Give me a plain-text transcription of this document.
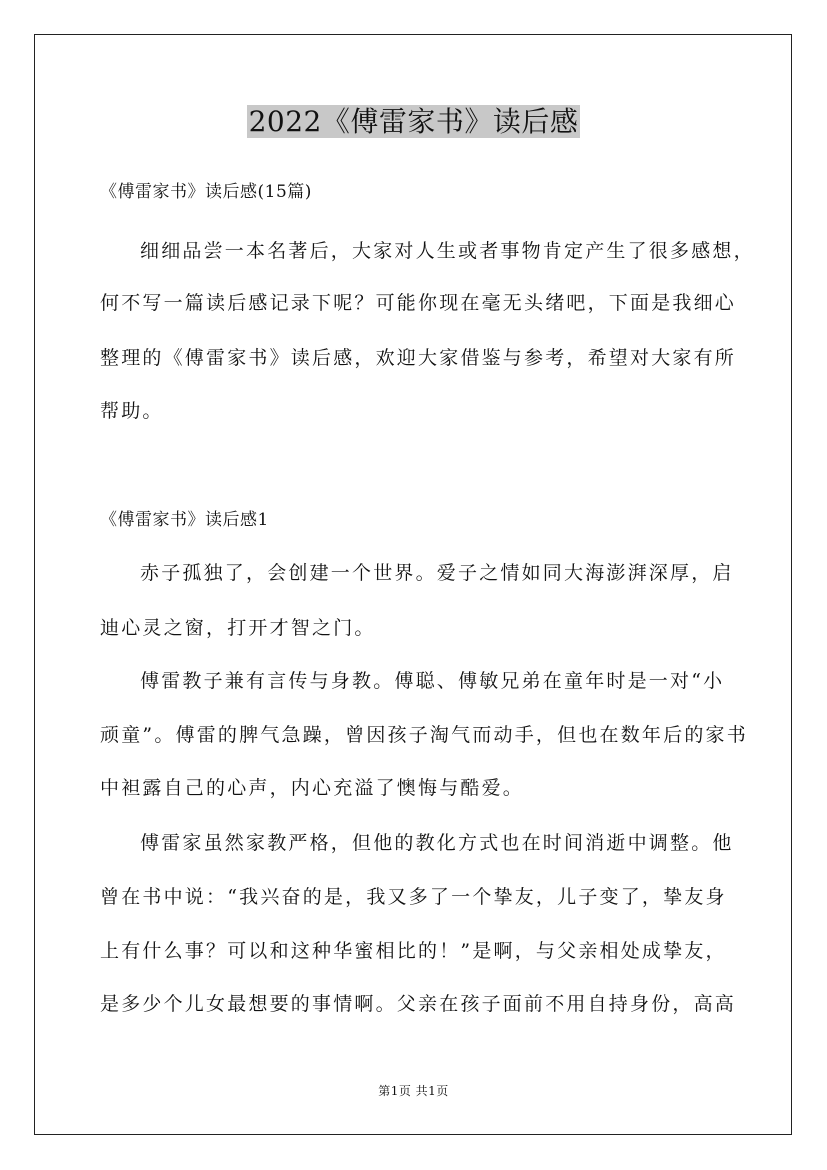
2022《傅雷家书》读后感
《傅雷家书》读后感(15篇)
细细品尝一本名著后，大家对人生或者事物肯定产生了很多感想，
何不写一篇读后感记录下呢？可能你现在毫无头绪吧，下面是我细心
整理的《傅雷家书》读后感，欢迎大家借鉴与参考，希望对大家有所
帮助。
《傅雷家书》读后感1
赤子孤独了，会创建一个世界。爱子之情如同大海澎湃深厚，启
迪心灵之窗，打开才智之门。
傅雷教子兼有言传与身教。傅聪、傅敏兄弟在童年时是一对“小
顽童”。傅雷的脾气急躁，曾因孩子淘气而动手，但也在数年后的家书
中袒露自己的心声，内心充溢了懊悔与酷爱。
傅雷家虽然家教严格，但他的教化方式也在时间消逝中调整。他
曾在书中说：“我兴奋的是，我又多了一个挚友，儿子变了，挚友身
上有什么事？可以和这种华蜜相比的！”是啊，与父亲相处成挚友，
是多少个儿女最想要的事情啊。父亲在孩子面前不用自持身份，高高
第1页 共1页
